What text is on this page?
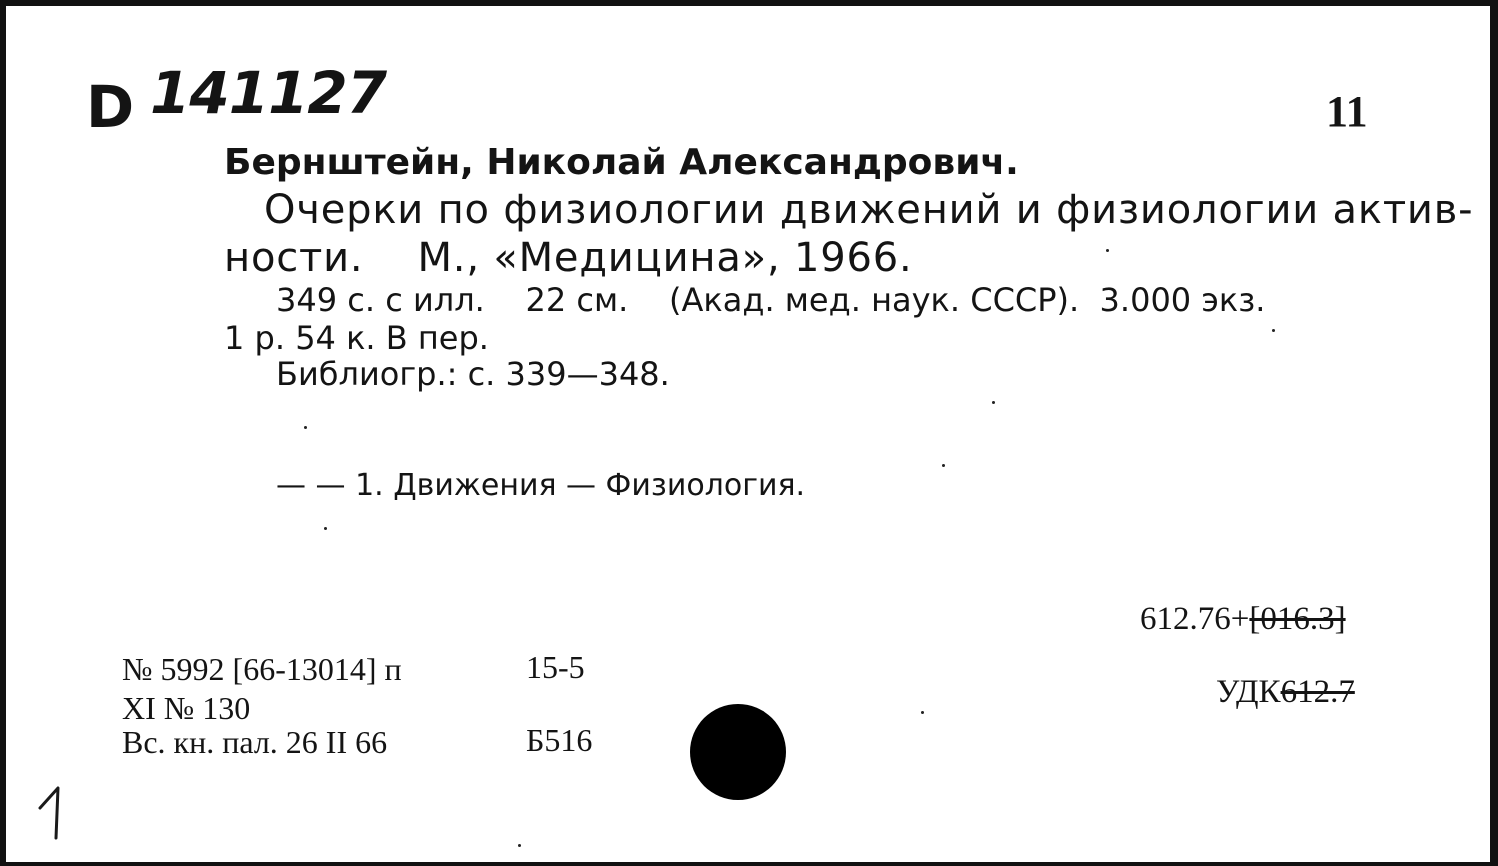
D 141127	11
Бернштейн, Николай Александрович.
Очерки по физиологии движений и физиологии актив-
ности.    М., «Медицина», 1966.
349 с. с илл.    22 см.    (Акад. мед. наук. СССР).  3.000 экз.
1 р. 54 к. В пер.
Библиогр.: с. 339—348.
— — 1. Движения — Физиология.
612.76+[016.3]
УДК612.7
№ 5992 [66-13014] п
XI № 130
Вс. кн. пал. 26 II 66
15-5
Б516
